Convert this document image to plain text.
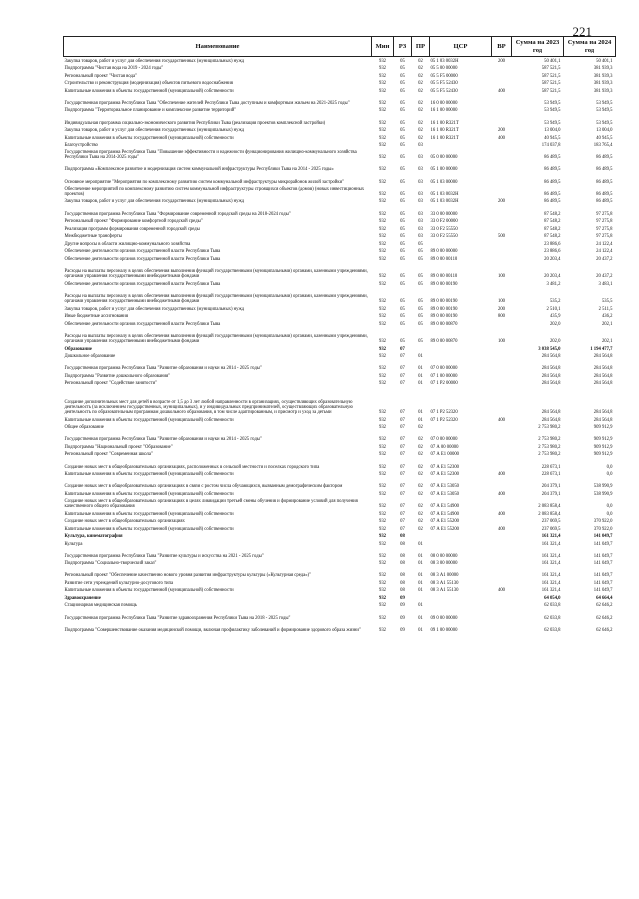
221
Наименование	Мин	РЗ	ПР	ЦСР	ВР	Сумма на 2023 год	Сумма на 2024 год
Закупка товаров, работ и услуг для обеспечения государственных (муниципальных) нужд	932	05	02	05 1 03 0032Н	200	50 401,1	50 401,1
Подпрограмма "Чистая вода на 2019 - 2024 годы"	932	05	02	05 5 00 00000		587 521,5	381 939,3
Региональный проект "Чистая вода"	932	05	02	05 5 F5 00000		587 521,5	381 939,3
Строительство и реконструкция (модернизация) объектов питьевого водоснабжения	932	05	02	05 5 F5 52430		587 521,5	381 939,3
Капитальные вложения в объекты государственной (муниципальной) собственности	932	05	02	05 5 F5 52430	400	587 521,5	381 939,3
Государственная программа Республики Тыва "Обеспечение жителей Республики Тыва доступным и комфортным жильем на 2021-2025 годы"	932	05	02	16 0 00 00000		53 949,5	53 949,5
Подпрограмма "Территориальное планирование и комплексное развитие территорий"	932	05	02	16 1 00 00000		53 949,5	53 949,5
Индивидуальная программа социально-экономического развития Республики Тыва (реализация проектов комплексной застройки)	932	05	02	16 1 00 R321Т		53 949,5	53 949,5
Закупка товаров, работ и услуг для обеспечения государственных (муниципальных) нужд	932	05	02	16 1 00 R321Т	200	13 004,0	13 004,0
Капитальные вложения в объекты государственной (муниципальной) собственности	932	05	02	16 1 00 R321Т	400	40 945,5	40 945,5
Благоустройство	932	05	03			174 037,8	183 765,4
Государственная программа Республики Тыва "Повышение эффективности и надежности функционирования жилищно-коммунального хозяйства Республики Тыва на 2014-2025 годы"	932	05	03	05 0 00 00000		86 489,5	86 489,5
Подпрограмма «Комплексное развитие и модернизация систем коммунальной инфраструктуры Республики Тыва на 2014 - 2025 годы»	932	05	03	05 1 00 00000		86 489,5	86 489,5
Основное мероприятие "Мероприятия по комплексному развитию систем коммунальной инфраструктуры микрорайонов жилой застройки"	932	05	03	05 1 03 00000		86 489,5	86 489,5
Обеспечение мероприятий по комплексному развитию систем коммунальной инфраструктуры строящихся объектов (домов) (новых инвестиционных проектов)	932	05	03	05 1 03 0032Н		86 489,5	86 489,5
Закупка товаров, работ и услуг для обеспечения государственных (муниципальных) нужд	932	05	03	05 1 03 0032Н	200	86 489,5	86 489,5
Государственная программа Республики Тыва "Формирование современной городской среды на 2018-2024 годы"	932	05	03	33 0 00 00000		87 548,2	97 275,8
Региональный проект "Формирование комфортной городской среды"	932	05	03	33 0 F2 00000		87 548,2	97 275,8
Реализация программ формирования современной городской среды	932	05	03	33 0 F2 55550		87 548,2	97 275,8
Межбюджетные трансферты	932	05	03	33 0 F2 55550	500	87 548,2	97 275,8
Другие вопросы в области жилищно-коммунального хозяйства	932	05	05			23 886,6	24 122,4
Обеспечение деятельности органов государственной власти Республики Тыва	932	05	05	89 0 00 00000		23 886,6	24 122,4
Обеспечение деятельности органов государственной власти Республики Тыва	932	05	05	89 0 00 00110		20 203,4	20 437,2
Расходы на выплаты персоналу в целях обеспечения выполнения функций государственными (муниципальными) органами, казенными учреждениями, органами управления государственными внебюджетными фондами	932	05	05	89 0 00 00110	100	20 203,4	20 437,2
Обеспечение деятельности органов государственной власти Республики Тыва	932	05	05	89 0 00 00190		3 481,2	3 483,1
Расходы на выплаты персоналу в целях обеспечения выполнения функций государственными (муниципальными) органами, казенными учреждениями, органами управления государственными внебюджетными фондами	932	05	05	89 0 00 00190	100	535,2	535,5
Закупка товаров, работ и услуг для обеспечения государственных (муниципальных) нужд	932	05	05	89 0 00 00190	200	2 510,1	2 511,5
Иные бюджетные ассигнования	932	05	05	89 0 00 00190	800	435,9	436,2
Обеспечение деятельности органов государственной власти Республики Тыва	932	05	05	89 0 00 00870		202,0	202,1
Расходы на выплаты персоналу в целях обеспечения выполнения функций государственными (муниципальными) органами, казенными учреждениями, органами управления государственными внебюджетными фондами	932	05	05	89 0 00 00870	100	202,0	202,1
Образование	932	07				3 038 545,0	1 194 477,7
Дошкольное образование	932	07	01			284 564,8	284 564,8
Государственная программа Республики Тыва "Развитие образования и науки на 2014 - 2025 годы"	932	07	01	07 0 00 00000		284 564,8	284 564,8
Подпрограмма "Развитие дошкольного образования"	932	07	01	07 1 00 00000		284 564,8	284 564,8
Региональный проект "Содействие занятости"	932	07	01	07 1 P2 00000		284 564,8	284 564,8
Создание дополнительных мест для детей в возрасте от 1,5 до 3 лет любой направленности в организациях, осуществляющих образовательную деятельность (за исключением государственных, муниципальных), и у индивидуальных предпринимателей, осуществляющих образовательную деятельность по образовательным программам дошкольного образования, в том числе адаптированным, и присмотр и уход за детьми	932	07	01	07 1 P2 52320		284 564,8	284 564,8
Капитальные вложения в объекты государственной (муниципальной) собственности	932	07	01	07 1 P2 52320	400	284 564,8	284 564,8
Общее образование	932	07	02			2 753 980,2	909 912,9
Государственная программа Республики Тыва "Развитие образования и науки на 2014 - 2025 годы"	932	07	02	07 0 00 00000		2 753 980,2	909 912,9
Подпрограмма "Национальный проект "Образование"	932	07	02	07 А 00 00000		2 753 980,2	909 912,9
Региональный проект "Современная школа"	932	07	02	07 А Е1 00000		2 753 980,2	909 912,9
Создание новых мест в общеобразовательных организациях, расположенных в сельской местности и поселках городского типа	932	07	02	07 А Е1 52300		228 673,1	0,0
Капитальные вложения в объекты государственной (муниципальной) собственности	932	07	02	07 А Е1 52300	400	228 673,1	0,0
Создание новых мест в общеобразовательных организациях в связи с ростом числа обучающихся, вызванным демографическим фактором	932	07	02	07 А Е1 53050		204 379,1	538 990,9
Капитальные вложения в объекты государственной (муниципальной) собственности	932	07	02	07 А Е1 53050	400	204 379,1	538 990,9
Создание новых мест в общеобразовательных организациях в целях ликвидации третьей смены обучения и формирование условий для получения качественного общего образования	932	07	02	07 А Е1 54900		2 083 858,4	0,0
Капитальные вложения в объекты государственной (муниципальной) собственности	932	07	02	07 А Е1 54900	400	2 083 858,4	0,0
Создание новых мест в общеобразовательных организациях	932	07	02	07 А Е1 55200		237 069,5	370 922,0
Капитальные вложения в объекты государственной (муниципальной) собственности	932	07	02	07 А Е1 55200	400	237 069,5	370 922,0
Культура, кинематография	932	08				161 321,4	141 049,7
Культура	932	08	01			161 321,4	141 049,7
Государственная программа Республики Тыва "Развитие культуры и искусства на 2021 - 2025 годы"	932	08	01	08 0 00 00000		161 321,4	141 049,7
Подпрограмма "Социально-творческий заказ"	932	08	01	08 3 00 00000		161 321,4	141 049,7
Региональный проект "Обеспечение качественно нового уровня развития инфраструктуры культуры («Культурная среда»)"	932	08	01	08 3 А1 00000		161 321,4	141 049,7
Развитие сети учреждений культурно-досугового типа	932	08	01	08 3 А1 55130		161 321,4	141 049,7
Капитальные вложения в объекты государственной (муниципальной) собственности	932	08	01	08 3 А1 55130	400	161 321,4	141 049,7
Здравоохранение	932	09				64 054,0	64 664,4
Стационарная медицинская помощь	932	09	01			62 033,8	62 646,2
Государственная программа Республики Тыва "Развитие здравоохранения Республики Тыва на 2018 - 2025 годы"	932	09	01	09 0 00 00000		62 033,8	62 646,2
Подпрограмма "Совершенствование оказания медицинской помощи, включая профилактику заболеваний и формирование здорового образа жизни"	932	09	01	09 1 00 00000		62 033,8	62 646,2
